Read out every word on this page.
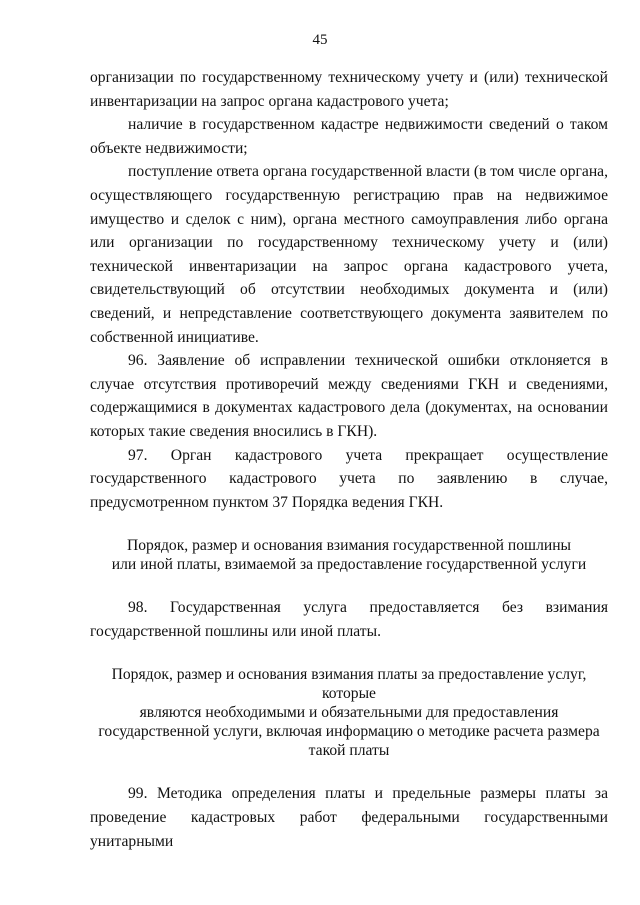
45

организации по государственному техническому учету и (или) технической инвентаризации на запрос органа кадастрового учета;

наличие в государственном кадастре недвижимости сведений о таком объекте недвижимости;

поступление ответа органа государственной власти (в том числе органа, осуществляющего государственную регистрацию прав на недвижимое имущество и сделок с ним), органа местного самоуправления либо органа или организации по государственному техническому учету и (или) технической инвентаризации на запрос органа кадастрового учета, свидетельствующий об отсутствии необходимых документа и (или) сведений, и непредставление соответствующего документа заявителем по собственной инициативе.

96. Заявление об исправлении технической ошибки отклоняется в случае отсутствия противоречий между сведениями ГКН и сведениями, содержащимися в документах кадастрового дела (документах, на основании которых такие сведения вносились в ГКН).

97. Орган кадастрового учета прекращает осуществление государственного кадастрового учета по заявлению в случае, предусмотренном пунктом 37 Порядка ведения ГКН.

Порядок, размер и основания взимания государственной пошлины
или иной платы, взимаемой за предоставление государственной услуги

98. Государственная услуга предоставляется без взимания государственной пошлины или иной платы.

Порядок, размер и основания взимания платы за предоставление услуг, которые
являются необходимыми и обязательными для предоставления
государственной услуги, включая информацию о методике расчета размера
такой платы

99. Методика определения платы и предельные размеры платы за проведение кадастровых работ федеральными государственными унитарными
